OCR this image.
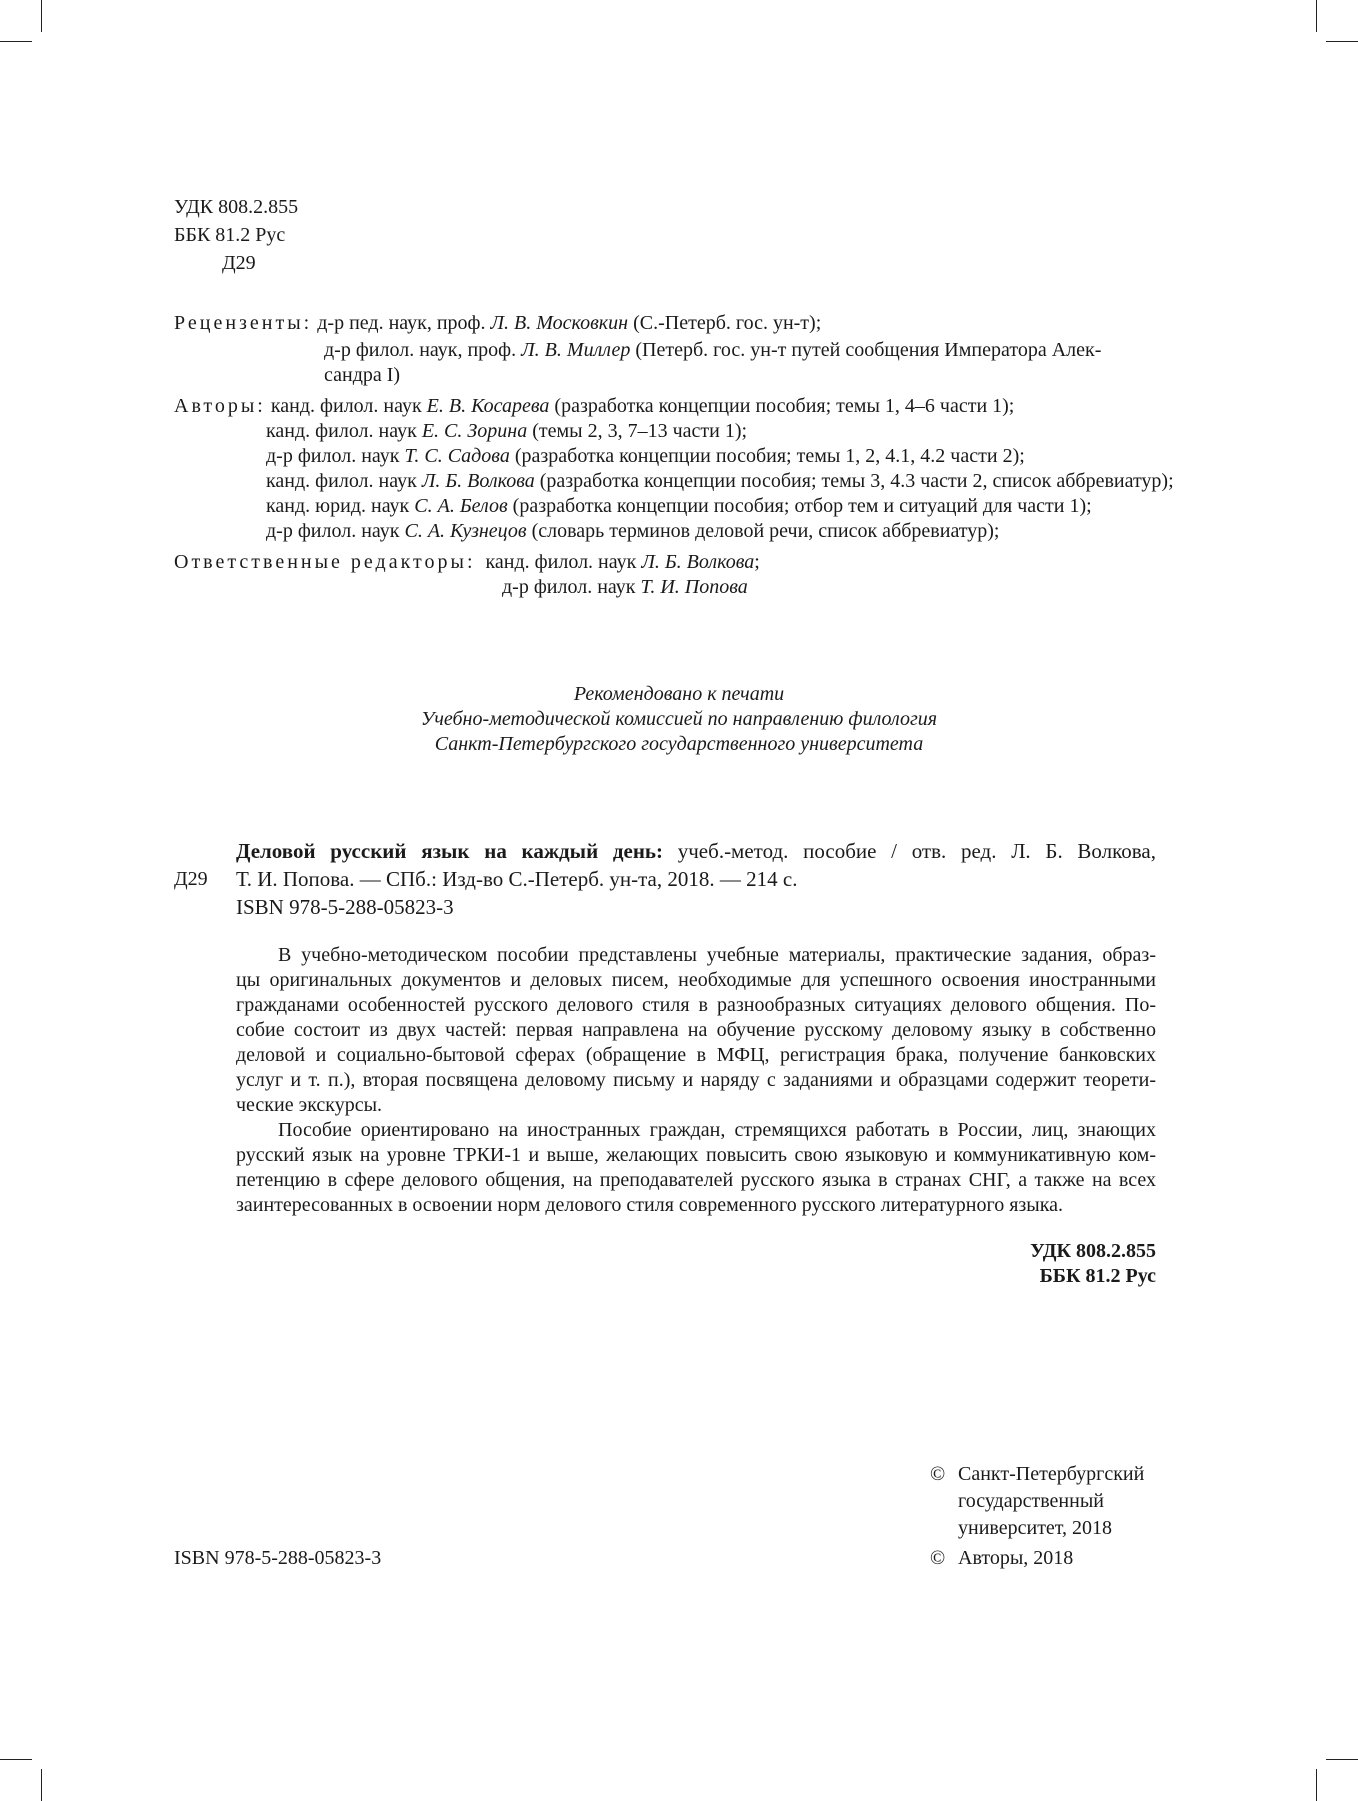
УДК 808.2.855
ББК 81.2 Рус
Д29
Рецензенты: д-р пед. наук, проф. Л. В. Московкин (С.-Петерб. гос. ун-т);
д-р филол. наук, проф. Л. В. Миллер (Петерб. гос. ун-т путей сообщения Императора Алек-
сандра I)
Авторы: канд. филол. наук Е. В. Косарева (разработка концепции пособия; темы 1, 4–6 части 1);
канд. филол. наук Е. С. Зорина (темы 2, 3, 7–13 части 1);
д-р филол. наук Т. С. Садова (разработка концепции пособия; темы 1, 2, 4.1, 4.2 части 2);
канд. филол. наук Л. Б. Волкова (разработка концепции пособия; темы 3, 4.3 части 2, список аббревиатур);
канд. юрид. наук С. А. Белов (разработка концепции пособия; отбор тем и ситуаций для части 1);
д-р филол. наук С. А. Кузнецов (словарь терминов деловой речи, список аббревиатур);
Ответственные редакторы: канд. филол. наук Л. Б. Волкова;
д-р филол. наук Т. И. Попова
Рекомендовано к печати
Учебно-методической комиссией по направлению филология
Санкт-Петербургского государственного университета
Д29
Деловой русский язык на каждый день: учеб.-метод. пособие / отв. ред. Л. Б. Волкова,
Т. И. Попова. — СПб.: Изд-во С.-Петерб. ун-та, 2018. — 214 с.
ISBN 978-5-288-05823-3
В учебно-методическом пособии представлены учебные материалы, практические задания, образ-
цы оригинальных документов и деловых писем, необходимые для успешного освоения иностранными
гражданами особенностей русского делового стиля в разнообразных ситуациях делового общения. По-
собие состоит из двух частей: первая направлена на обучение русскому деловому языку в собственно
деловой и социально-бытовой сферах (обращение в МФЦ, регистрация брака, получение банковских
услуг и т. п.), вторая посвящена деловому письму и наряду с заданиями и образцами содержит теорети-
ческие экскурсы.
Пособие ориентировано на иностранных граждан, стремящихся работать в России, лиц, знающих
русский язык на уровне ТРКИ-1 и выше, желающих повысить свою языковую и коммуникативную ком-
петенцию в сфере делового общения, на преподавателей русского языка в странах СНГ, а также на всех
заинтересованных в освоении норм делового стиля современного русского литературного языка.
УДК 808.2.855
ББК 81.2 Рус
© Санкт-Петербургский
государственный
университет, 2018
© Авторы, 2018
ISBN 978-5-288-05823-3
